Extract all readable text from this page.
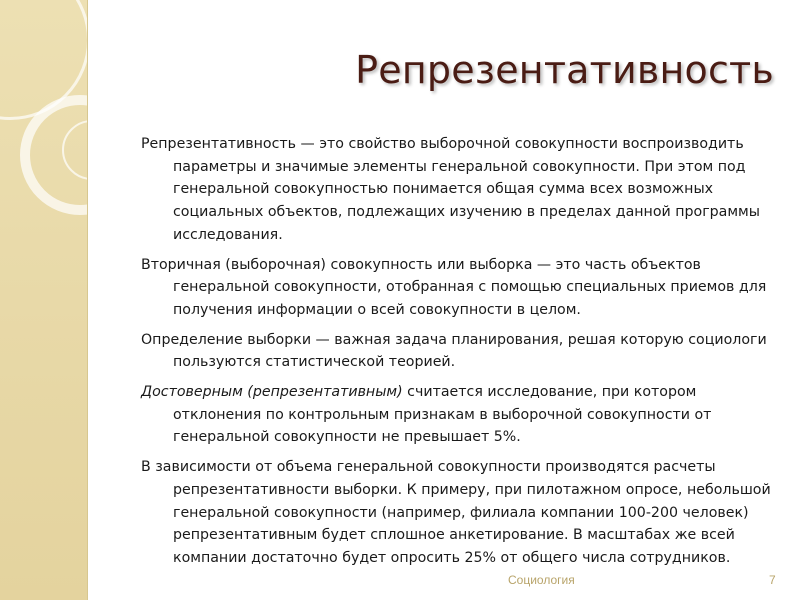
Репрезентативность

Репрезентативность — это свойство выборочной совокупности воспроизводить параметры и значимые элементы генеральной совокупности. При этом под генеральной совокупностью понимается общая сумма всех возможных социальных объектов, подлежащих изучению в пределах данной программы исследования.

Вторичная (выборочная) совокупность или выборка — это часть объектов генеральной совокупности, отобранная с помощью специальных приемов для получения информации о всей совокупности в целом.

Определение выборки — важная задача планирования, решая которую социологи пользуются статистической теорией.

Достоверным (репрезентативным) считается исследование, при котором отклонения по контрольным признакам в выборочной совокупности от генеральной совокупности не превышает 5%.

В зависимости от объема генеральной совокупности производятся расчеты репрезентативности выборки. К примеру, при пилотажном опросе, небольшой генеральной совокупности (например, филиала компании 100-200 человек) репрезентативным будет сплошное анкетирование. В масштабах же всей компании достаточно будет опросить 25% от общего числа сотрудников.

Социология	7
